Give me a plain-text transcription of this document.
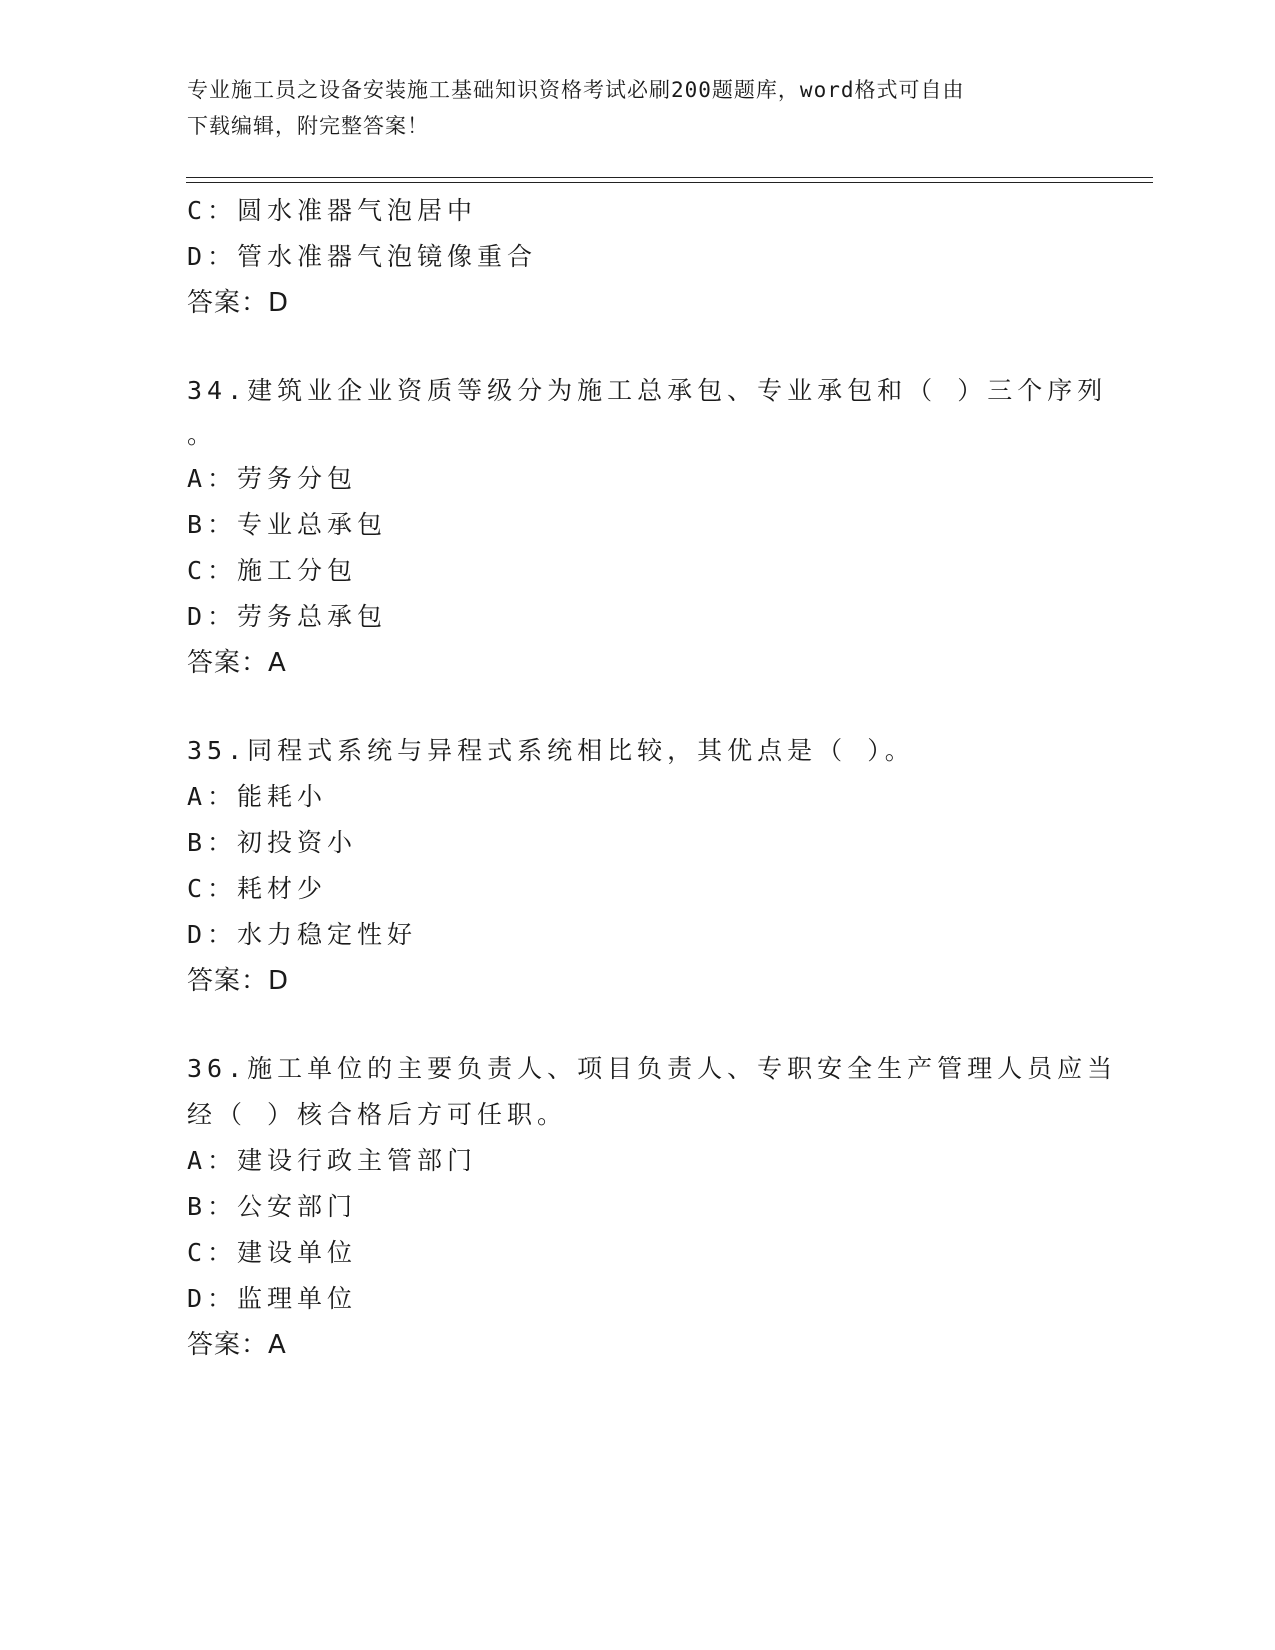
专业施工员之设备安装施工基础知识资格考试必刷200题题库，word格式可自由
下载编辑，附完整答案！
C：圆水准器气泡居中
D：管水准器气泡镜像重合
答案：D
34.建筑业企业资质等级分为施工总承包、专业承包和（ ）三个序列
。
A：劳务分包
B：专业总承包
C：施工分包
D：劳务总承包
答案：A
35.同程式系统与异程式系统相比较，其优点是（ ）。
A：能耗小
B：初投资小
C：耗材少
D：水力稳定性好
答案：D
36.施工单位的主要负责人、项目负责人、专职安全生产管理人员应当
经（ ）核合格后方可任职。
A：建设行政主管部门
B：公安部门
C：建设单位
D：监理单位
答案：A
